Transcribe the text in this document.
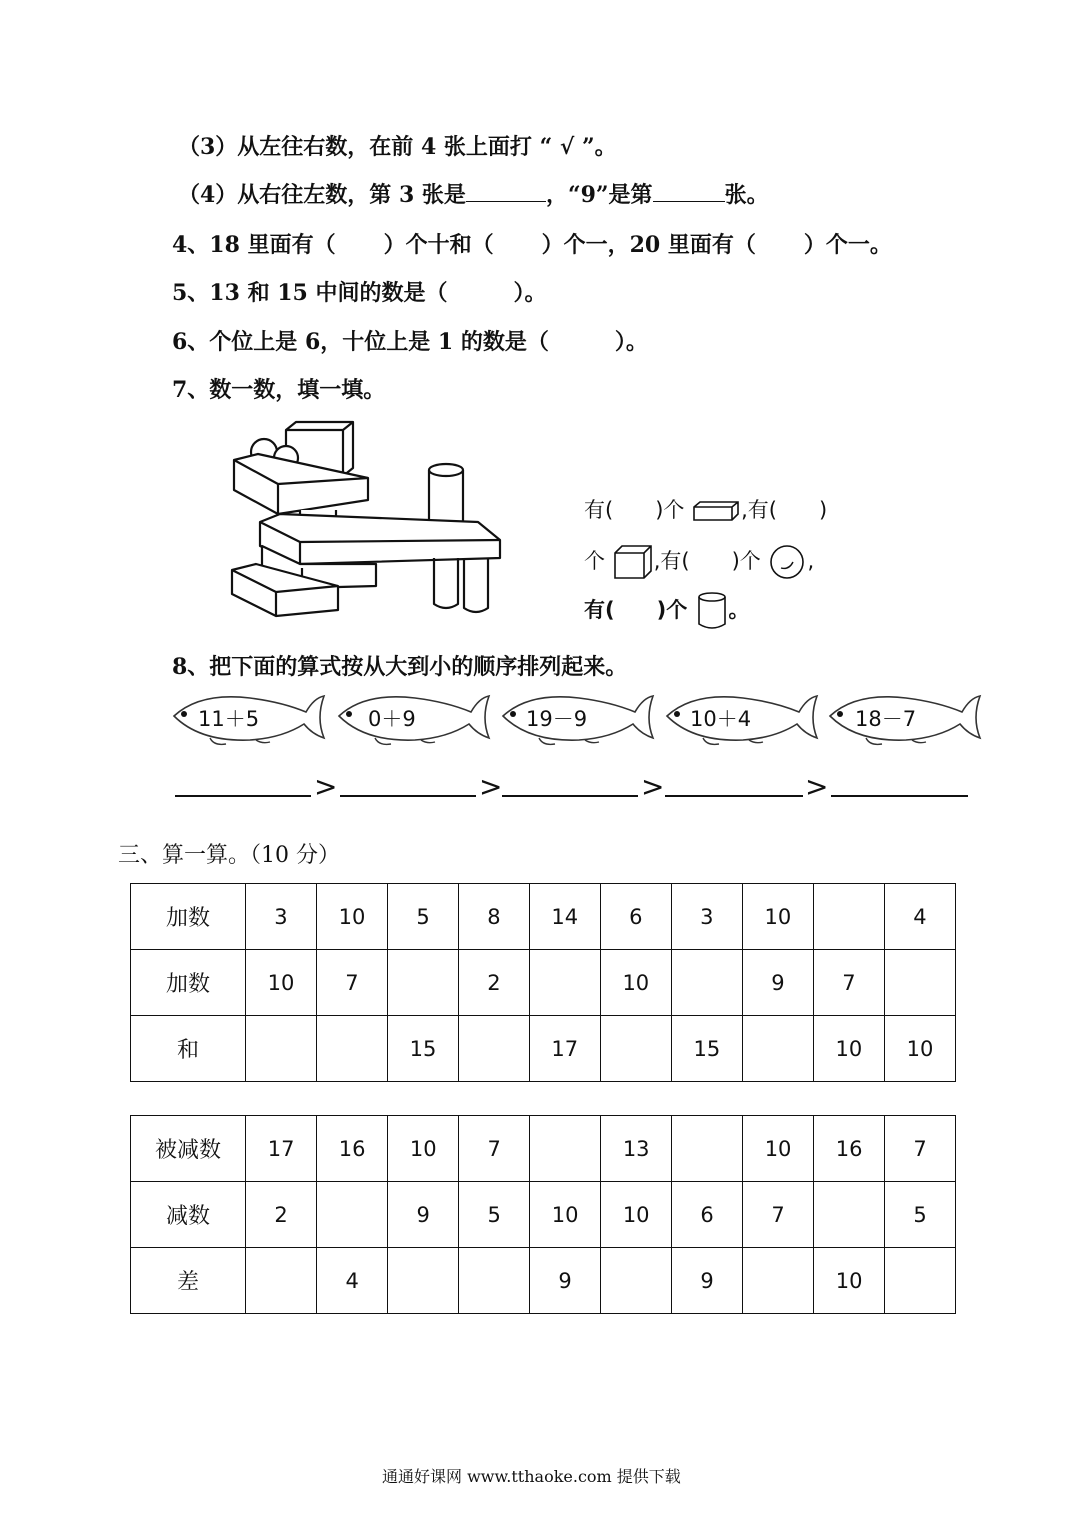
（3）从左往右数，在前 4 张上面打 “ √ ”。
（4）从右往左数，第 3 张是	，“9”是第	张。
4、18 里面有（ ）个十和（ ）个一，20 里面有（ ）个一。
5、13 和 15 中间的数是（	）。
6、个位上是 6，十位上是 1 的数是（	）。
7、数一数，填一填。
有( )个	,有( )
个 ,有( )个 ,
有( )个 。
8、把下面的算式按从大到小的顺序排列起来。
11＋5	0＋9	19－9	10＋4	18－7
>	>	>	>
三、算一算。（10 分）
加数	3	10	5	8	14	6	3	10		4
加数	10	7		2		10		9	7	
和			15		17		15		10	10
被减数	17	16	10	7		13		10	16	7
减数	2		9	5	10	10	6	7		5
差		4			9		9		10	
通通好课网 www.tthaoke.com 提供下载
